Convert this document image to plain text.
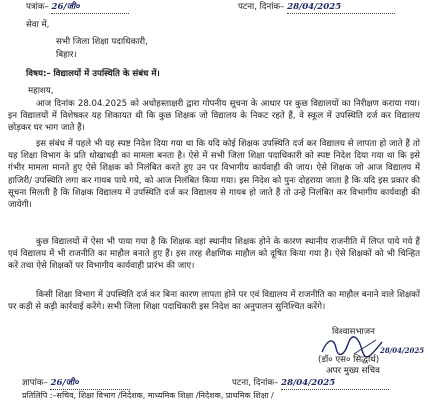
पत्रांक– 26/जी०	पटना, दिनांक– 28/04/2025
सेवा में,
सभी जिला शिक्षा पदाधिकारी,
बिहार।
विषय:– विद्यालयों में उपस्थिति के संबंध में।
महाशय,
आज दिनांक 28.04.2025 को अधोहस्ताक्षरी द्वारा गोपनीय सूचना के आधार पर कुछ विद्यालयों का निरीक्षण कराया गया। इन विद्यालयों में विशेषकर यह शिकायत थी कि कुछ शिक्षक जो विद्यालय के निकट रहते हैं, वे स्कूल में उपस्थिति दर्ज कर विद्यालय छोड़कर घर भाग जाते हैं।
इस संबंध में पहले भी यह स्पष्ट निदेश दिया गया था कि यदि कोई शिक्षक उपस्थिति दर्ज कर विद्यालय से लापता हो जाते हैं तो यह शिक्षा विभाग के प्रति धोखाधड़ी का मामला बनता है। ऐसे में सभी जिला शिक्षा पदाधिकारी को स्पष्ट निदेश दिया गया था कि इसे गंभीर मामला मानते हुए ऐसे शिक्षक को निलंबित करते हुए उन पर विभागीय कार्यवाही की जाय। ऐसे शिक्षक जो आज विद्यालय में हाजिरी/ उपस्थिति लगा कर गायब पाये गये, को आज निलंबित किया गया। इस निदेश को पुनः दोहराया जाता है कि यदि इस प्रकार की सूचना मिलती है कि शिक्षक विद्यालय में उपस्थिति दर्ज कर विद्यालय से गायब हो जाते हैं तो उन्हें निलंबित कर विभागीय कार्यवाही की जायेगी।
कुछ विद्यालयों में ऐसा भी पाया गया है कि शिक्षक वहां स्थानीय शिक्षक होने के कारण स्थानीय राजनीति में लिप्त पाये गये हैं एवं विद्यालय में भी राजनीति का माहौल बनाते हुए हैं। इस तरह शैक्षणिक माहौल को दूषित किया गया है। ऐसे शिक्षकों को भी चिन्हित करें तथा ऐसे शिक्षकों पर विभागीय कार्यवाही प्रारंभ की जाए।
किसी शिक्षा विभाग में उपस्थिति दर्ज कर बिना कारण लापता होने पर एवं विद्यालय में राजनीति का माहौल बनाने वाले शिक्षकों पर कड़ी से कड़ी कार्रवाई करेंगे। सभी जिला शिक्षा पदाधिकारी इस निदेश का अनुपालन सुनिश्चित करेंगे।
विश्वासभाजन
28/04/2025
(डॉ० एस० सिद्धार्थ)
अपर मुख्य सचिव
ज्ञापांक– 26/जी०	पटना, दिनांक– 28/04/2025
प्रतिलिपि :–सचिव, शिक्षा विभाग /निदेशक, माध्यमिक शिक्षा /निदेशक, प्राथमिक शिक्षा /
